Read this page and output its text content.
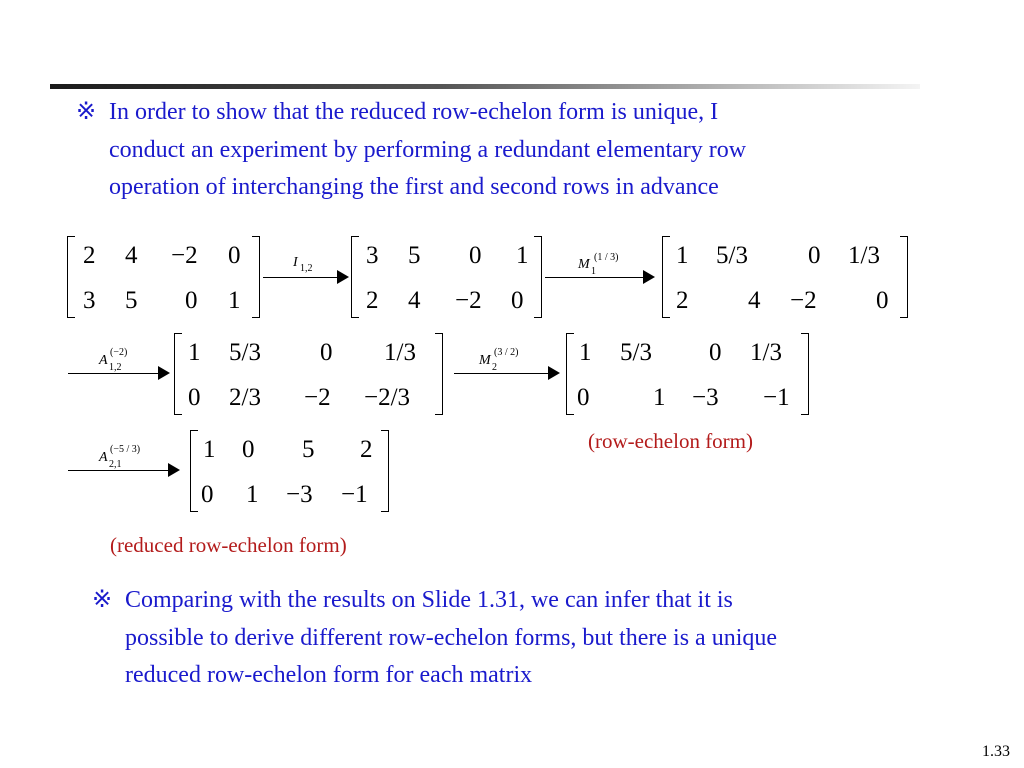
※ In order to show that the reduced row-echelon form is unique, I
conduct an experiment by performing a redundant elementary row
operation of interchanging the first and second rows in advance
2 4 −2 0
3 5 0 1
I 1,2 3 5 0 1
2 4 −2 0
M 1
(1 / 3) 1 5/3 0 1/3
2 4 −2 0
A 1,2
(−2) 1 5/3 0 1/3
0 2/3 −2 −2/3
M 2
(3 / 2) 1 5/3 0 1/3
0	1 −3 −1
(row-echelon form)
A 2,1
(−5 / 3)	1 0 5 2
0 1 −3 −1
(reduced row-echelon form)
※ Comparing with the results on Slide 1.31, we can infer that it is
possible to derive different row-echelon forms, but there is a unique
reduced row-echelon form for each matrix
1.33
